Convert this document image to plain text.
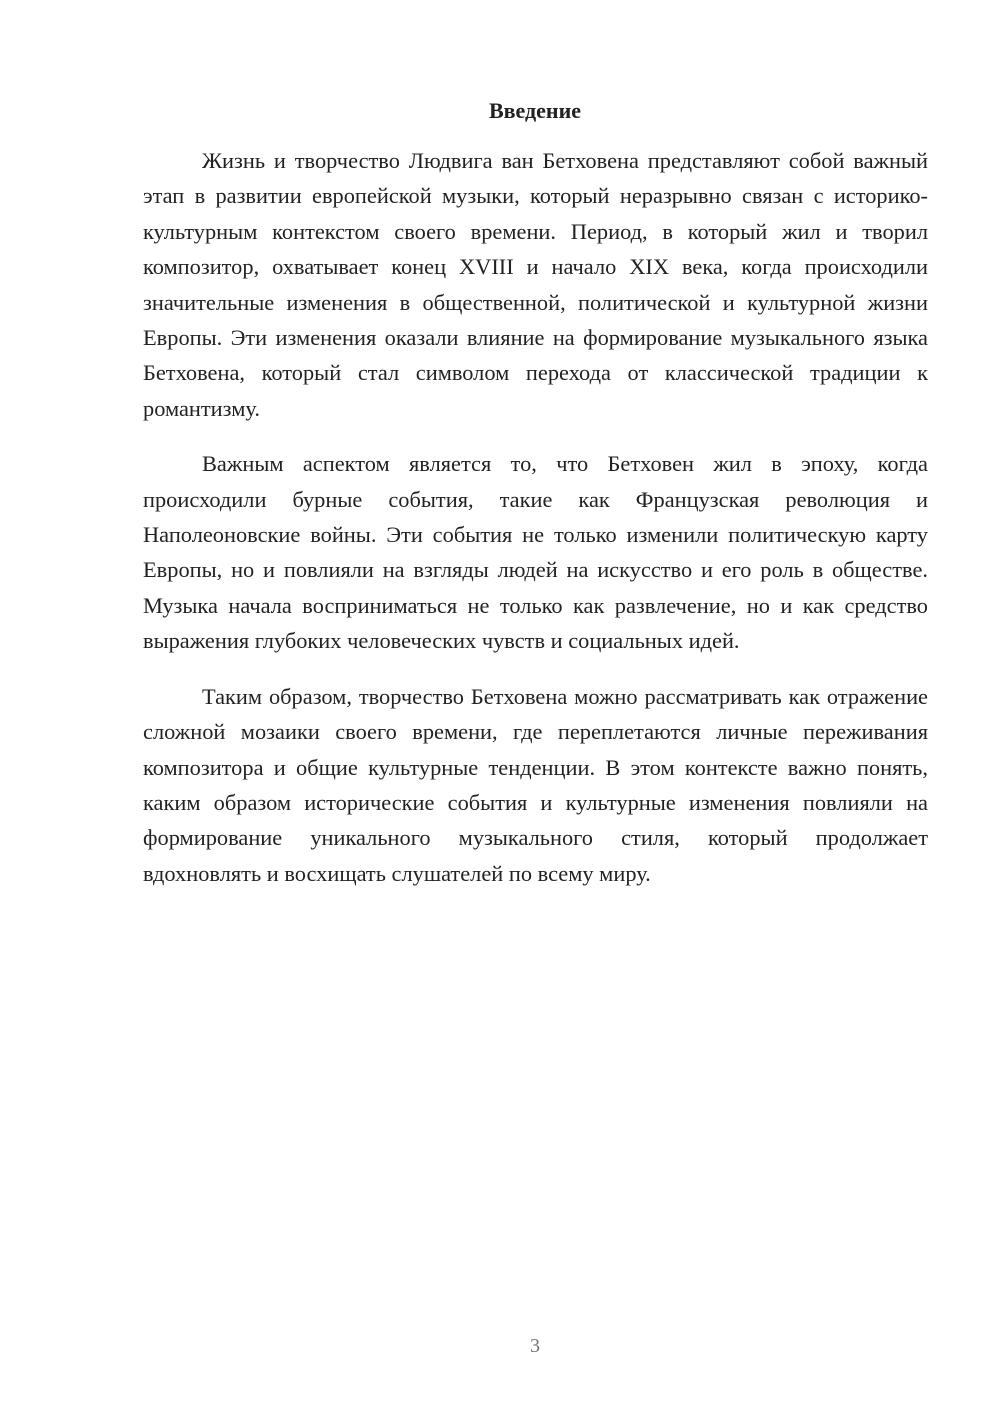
Введение

Жизнь и творчество Людвига ван Бетховена представляют собой важный этап в развитии европейской музыки, который неразрывно связан с историко-культурным контекстом своего времени. Период, в который жил и творил композитор, охватывает конец XVIII и начало XIX века, когда происходили значительные изменения в общественной, политической и культурной жизни Европы. Эти изменения оказали влияние на формирование музыкального языка Бетховена, который стал символом перехода от классической традиции к романтизму.

Важным аспектом является то, что Бетховен жил в эпоху, когда происходили бурные события, такие как Французская революция и Наполеоновские войны. Эти события не только изменили политическую карту Европы, но и повлияли на взгляды людей на искусство и его роль в обществе. Музыка начала восприниматься не только как развлечение, но и как средство выражения глубоких человеческих чувств и социальных идей.

Таким образом, творчество Бетховена можно рассматривать как отражение сложной мозаики своего времени, где переплетаются личные переживания композитора и общие культурные тенденции. В этом контексте важно понять, каким образом исторические события и культурные изменения повлияли на формирование уникального музыкального стиля, который продолжает вдохновлять и восхищать слушателей по всему миру.

3
